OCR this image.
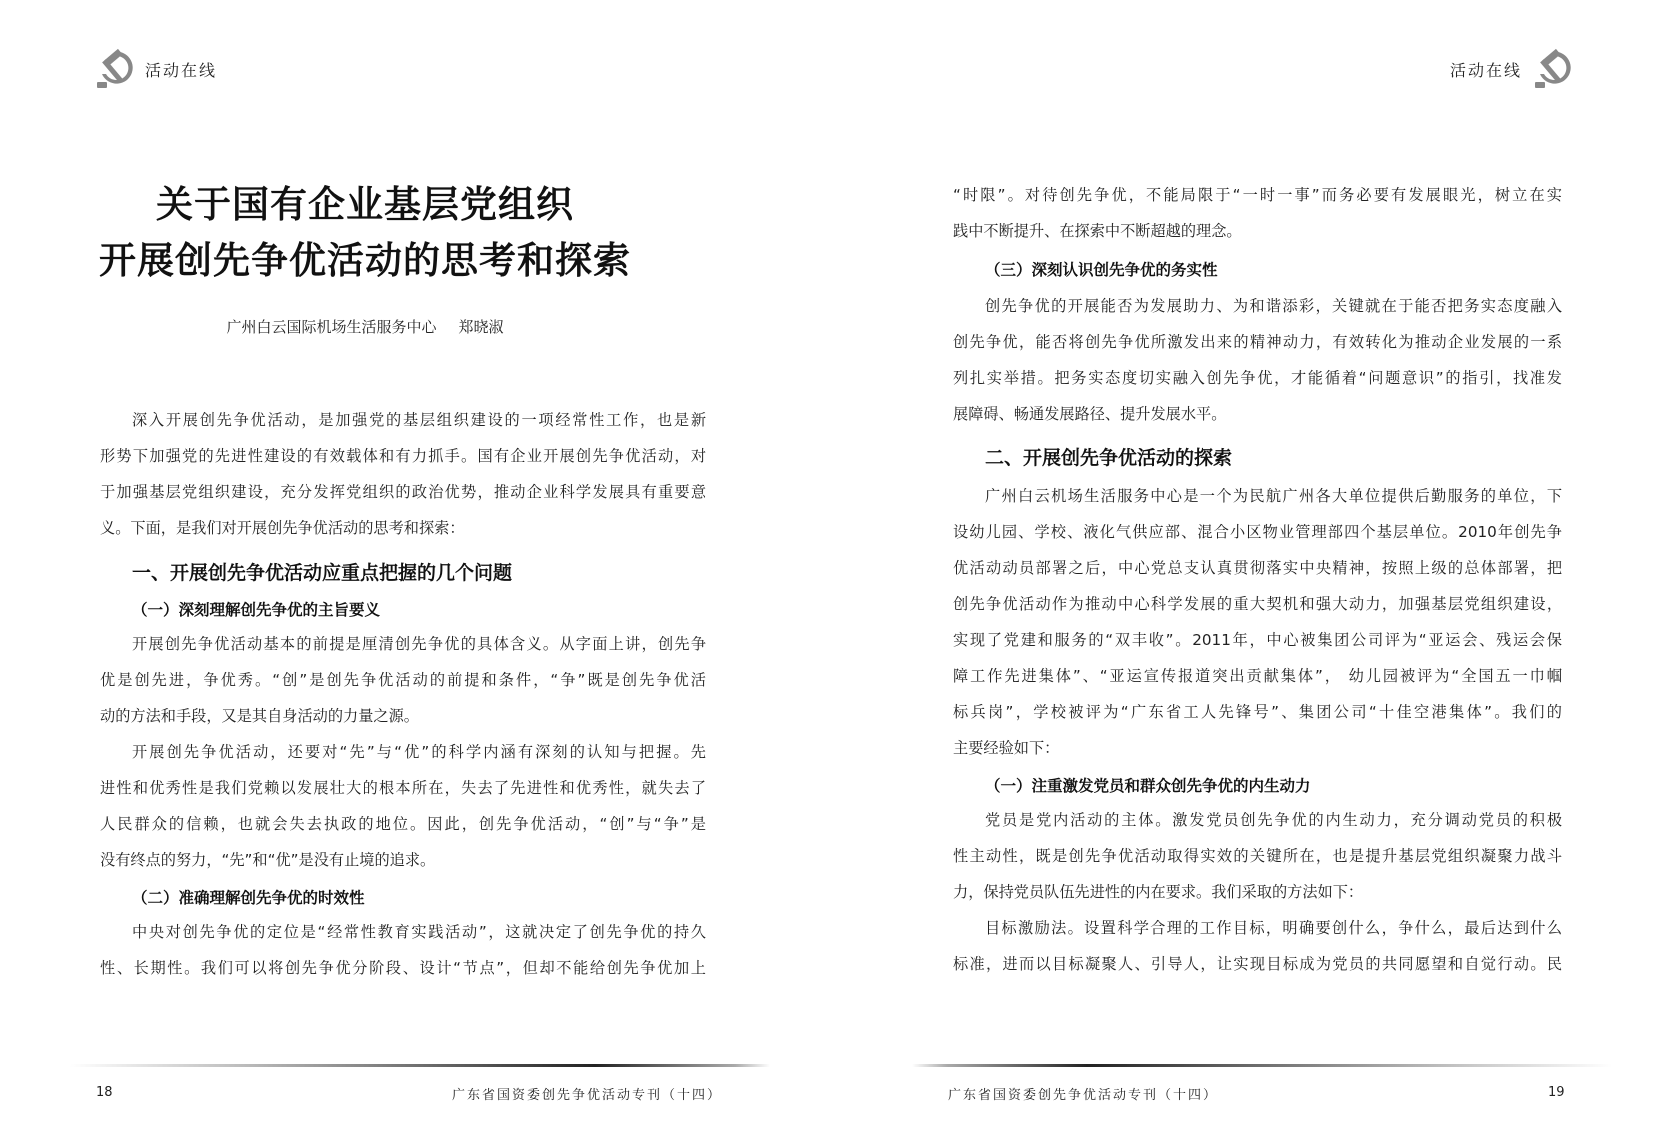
活动在线
关于国有企业基层党组织
开展创先争优活动的思考和探索
广州白云国际机场生活服务中心 郑晓淑
深入开展创先争优活动，是加强党的基层组织建设的一项经常性工作，也是新
形势下加强党的先进性建设的有效载体和有力抓手。国有企业开展创先争优活动，对
于加强基层党组织建设，充分发挥党组织的政治优势，推动企业科学发展具有重要意
义。下面，是我们对开展创先争优活动的思考和探索：
一、开展创先争优活动应重点把握的几个问题
（一）深刻理解创先争优的主旨要义
开展创先争优活动基本的前提是厘清创先争优的具体含义。从字面上讲，创先争
优是创先进，争优秀。“创”是创先争优活动的前提和条件，“争”既是创先争优活
动的方法和手段，又是其自身活动的力量之源。
开展创先争优活动，还要对“先”与“优”的科学内涵有深刻的认知与把握。先
进性和优秀性是我们党赖以发展壮大的根本所在，失去了先进性和优秀性，就失去了
人民群众的信赖，也就会失去执政的地位。因此，创先争优活动，“创”与“争”是
没有终点的努力，“先”和“优”是没有止境的追求。
（二）准确理解创先争优的时效性
中央对创先争优的定位是“经常性教育实践活动”，这就决定了创先争优的持久
性、长期性。我们可以将创先争优分阶段、设计“节点”，但却不能给创先争优加上
18	广东省国资委创先争优活动专刊（十四）
活动在线
“时限”。对待创先争优，不能局限于“一时一事”而务必要有发展眼光，树立在实
践中不断提升、在探索中不断超越的理念。
（三）深刻认识创先争优的务实性
创先争优的开展能否为发展助力、为和谐添彩，关键就在于能否把务实态度融入
创先争优，能否将创先争优所激发出来的精神动力，有效转化为推动企业发展的一系
列扎实举措。把务实态度切实融入创先争优，才能循着“问题意识”的指引，找准发
展障碍、畅通发展路径、提升发展水平。
二、开展创先争优活动的探索
广州白云机场生活服务中心是一个为民航广州各大单位提供后勤服务的单位，下
设幼儿园、学校、液化气供应部、混合小区物业管理部四个基层单位。2010年创先争
优活动动员部署之后，中心党总支认真贯彻落实中央精神，按照上级的总体部署，把
创先争优活动作为推动中心科学发展的重大契机和强大动力，加强基层党组织建设，
实现了党建和服务的“双丰收”。2011年，中心被集团公司评为“亚运会、残运会保
障工作先进集体”、“亚运宣传报道突出贡献集体”， 幼儿园被评为“全国五一巾帼
标兵岗”，学校被评为“广东省工人先锋号”、集团公司“十佳空港集体”。我们的
主要经验如下：
（一）注重激发党员和群众创先争优的内生动力
党员是党内活动的主体。激发党员创先争优的内生动力，充分调动党员的积极
性主动性，既是创先争优活动取得实效的关键所在，也是提升基层党组织凝聚力战斗
力，保持党员队伍先进性的内在要求。我们采取的方法如下：
目标激励法。设置科学合理的工作目标，明确要创什么，争什么，最后达到什么
标准，进而以目标凝聚人、引导人，让实现目标成为党员的共同愿望和自觉行动。民
广东省国资委创先争优活动专刊（十四）	19
